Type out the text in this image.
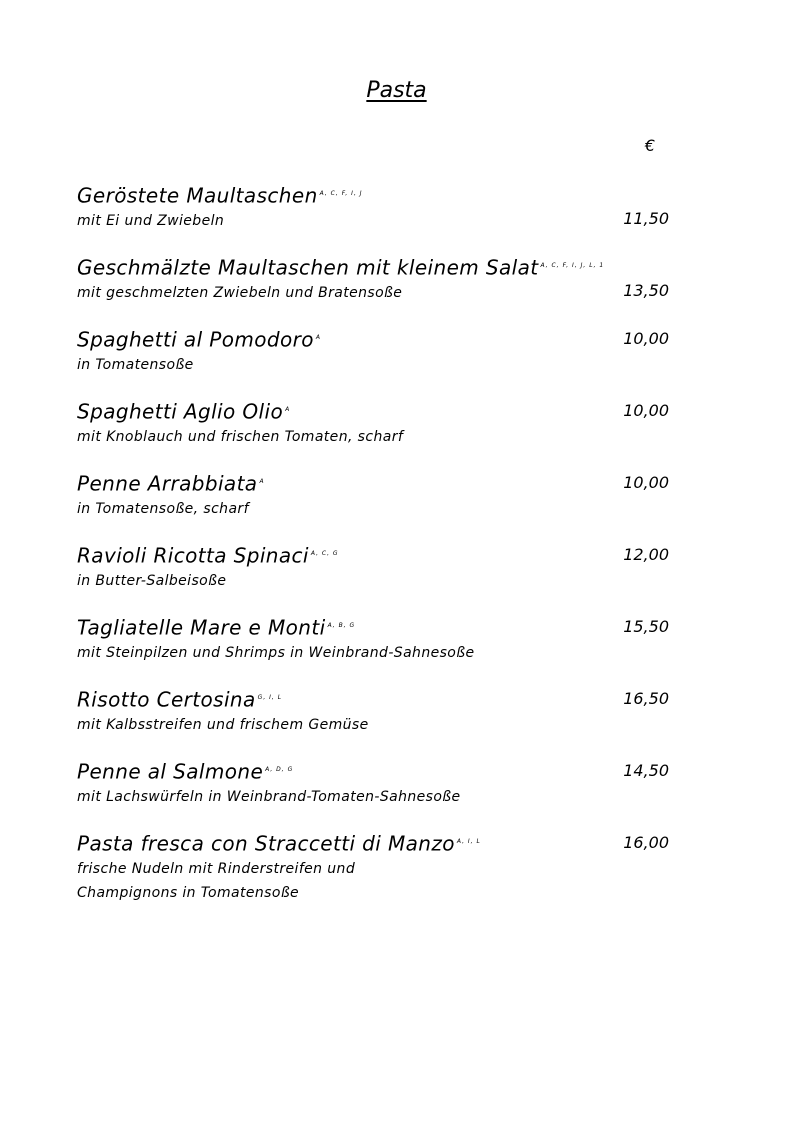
Pasta
€
Geröstete Maultaschen $^{A, C, F, I, J}$
mit Ei und Zwiebeln	11,50
Geschmälzte Maultaschen mit kleinem Salat $^{A, C, F, I, J, L, 1}$
mit geschmelzten Zwiebeln und Bratensoße	13,50
Spaghetti al Pomodoro $^A$
in Tomatensoße
10,00
Spaghetti Aglio Olio $^A$
mit Knoblauch und frischen Tomaten, scharf
10,00
Penne Arrabbiata $^A$
in Tomatensoße, scharf
10,00
Ravioli Ricotta Spinaci $^{A, C, G}$
in Butter-Salbeisoße
12,00
Tagliatelle Mare e Monti $^{A, B, G}$
mit Steinpilzen und Shrimps in Weinbrand-Sahnesoße
15,50
Risotto Certosina $^{G, I, L}$
mit Kalbsstreifen und frischem Gemüse
16,50
Penne al Salmone $^{A, D, G}$
mit Lachswürfeln in Weinbrand-Tomaten-Sahnesoße
14,50
Pasta fresca con Straccetti di Manzo $^{A, I, L}$
frische Nudeln mit Rinderstreifen und
Champignons in Tomatensoße
16,00
